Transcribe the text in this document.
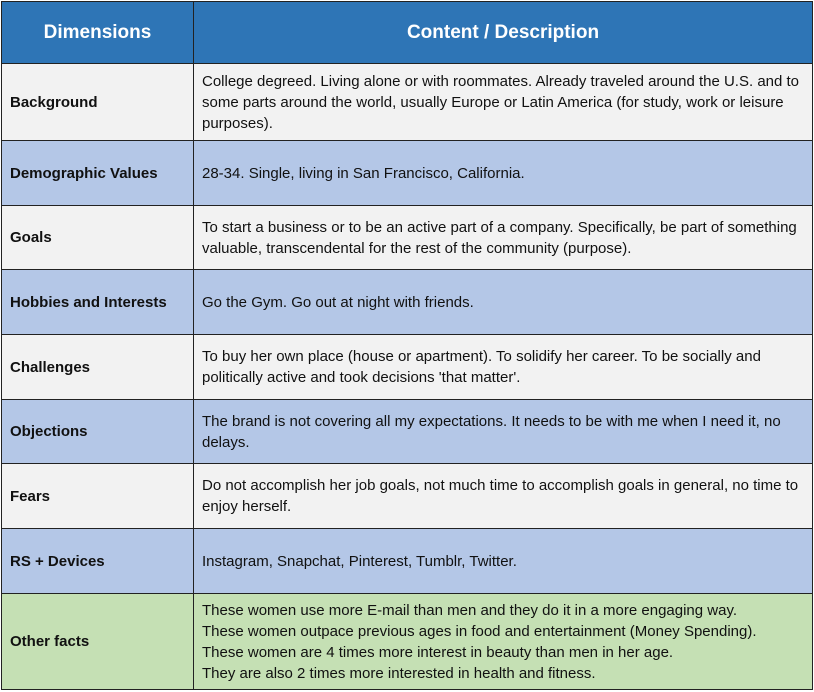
Dimensions	Content / Description
Background	College degreed. Living alone or with roommates. Already traveled around the U.S. and to some parts around the world, usually Europe or Latin America (for study, work or leisure purposes).
Demographic Values	28-34. Single, living in San Francisco, California.
Goals	To start a business or to be an active part of a company. Specifically, be part of something valuable, transcendental for the rest of the community (purpose).
Hobbies and Interests	Go the Gym. Go out at night with friends.
Challenges	To buy her own place (house or apartment). To solidify her career. To be socially and politically active and took decisions 'that matter'.
Objections	The brand is not covering all my expectations. It needs to be with me when I need it, no delays.
Fears	Do not accomplish her job goals, not much time to accomplish goals in general, no time to enjoy herself.
RS + Devices	Instagram, Snapchat, Pinterest, Tumblr, Twitter.
Other facts	These women use more E-mail than men and they do it in a more engaging way.
These women outpace previous ages in food and entertainment (Money Spending).
These women are 4 times more interest in beauty than men in her age.
They are also 2 times more interested in health and fitness.
